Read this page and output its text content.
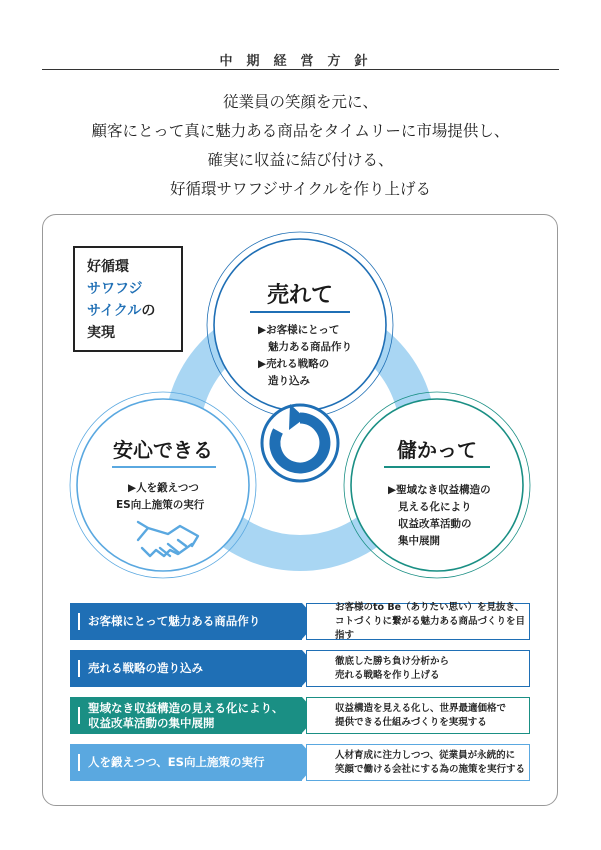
中期経営方針
従業員の笑顔を元に、
顧客にとって真に魅力ある商品をタイムリーに市場提供し、
確実に収益に結び付ける、
好循環サワフジサイクルを作り上げる
好循環
サワフジ
サイクルの
実現
売れて
▶お客様にとって
魅力ある商品作り
▶売れる戦略の
造り込み
安心できる
▶人を鍛えつつ
ES向上施策の実行
儲かって
▶聖域なき収益構造の
見える化により
収益改革活動の
集中展開
お客様にとって魅力ある商品作り
お客様のto Be（ありたい思い）を見抜き、
コトづくりに繋がる魅力ある商品づくりを目指す
売れる戦略の造り込み	徹底した勝ち負け分析から
売れる戦略を作り上げる
聖域なき収益構造の見える化により、
収益改革活動の集中展開
収益構造を見える化し、世界最適価格で
提供できる仕組みづくりを実現する
人を鍛えつつ、ES向上施策の実行	人材育成に注力しつつ、従業員が永続的に
笑顔で働ける会社にする為の施策を実行する
